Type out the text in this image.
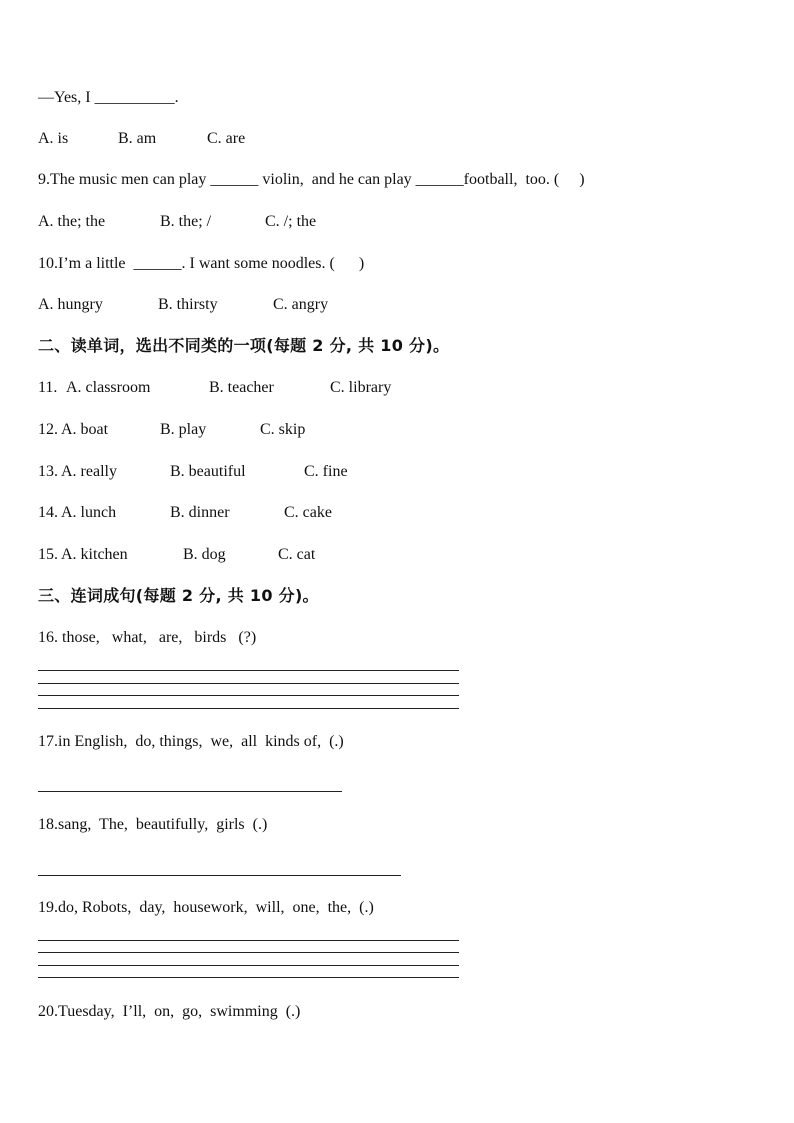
—Yes, I __________.
A. is	B. am	C. are
9.The music men can play ______ violin,  and he can play ______football,  too. (     )
A. the; the	B. the; /	C. /; the
10.I’m a little  ______. I want some noodles. (      )
A. hungry	B. thirsty	C. angry
二、读单词，选出不同类的一项(每题 2 分, 共 10 分)。
11. A. classroom	B. teacher	C. library
12. A. boat	B. play	C. skip
13. A. really	B. beautiful	C. fine
14. A. lunch	B. dinner	C. cake
15. A. kitchen	B. dog	C. cat
三、连词成句(每题 2 分, 共 10 分)。
16. those,   what,   are,   birds   (?)
17.in English,  do, things,  we,  all  kinds of,  (.)
18.sang,  The,  beautifully,  girls  (.)
19.do, Robots,  day,  housework,  will,  one,  the,  (.)
20.Tuesday,  I’ll,  on,  go,  swimming  (.)
